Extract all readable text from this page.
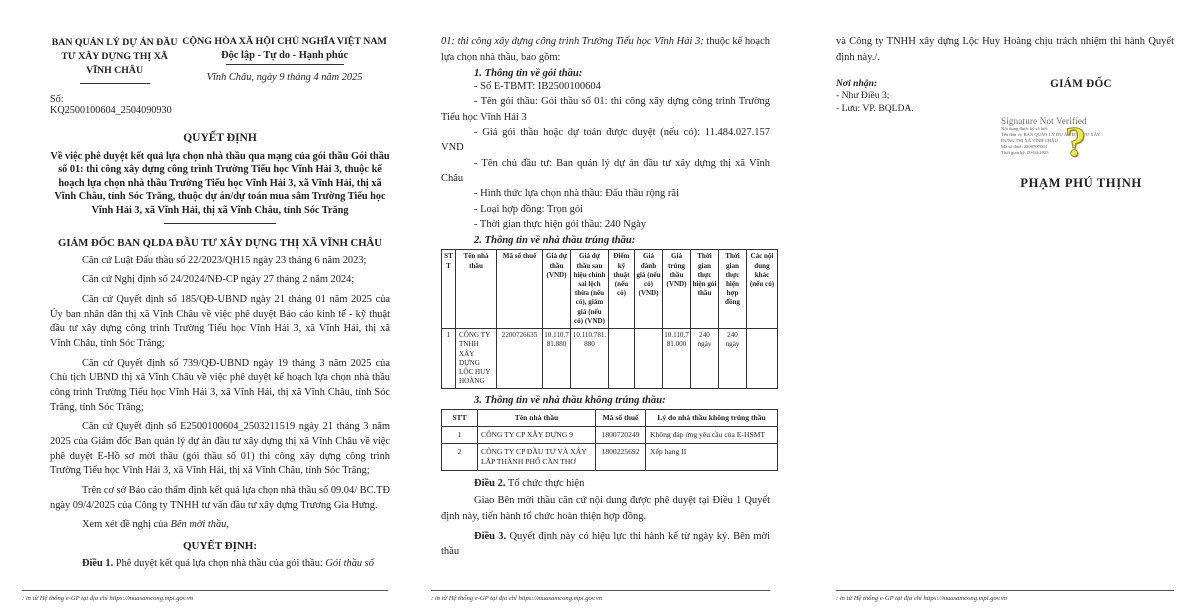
BAN QUẢN LÝ DỰ ÁN ĐẦU TƯ XÂY DỰNG THỊ XÃ VĨNH CHÂU
Số: KQ2500100604_2504090930
CỘNG HÒA XÃ HỘI CHỦ NGHĨA VIỆT NAM
Độc lập - Tự do - Hạnh phúc
Vĩnh Châu, ngày 9 tháng 4 năm 2025
QUYẾT ĐỊNH
Về việc phê duyệt kết quả lựa chọn nhà thầu qua mạng của gói thầu Gói thầu số 01: thi công xây dựng công trình Trường Tiểu học Vĩnh Hải 3, thuộc kế hoạch lựa chọn nhà thầu Trường Tiểu học Vĩnh Hải 3, xã Vĩnh Hải, thị xã Vĩnh Châu, tỉnh Sóc Trăng, thuộc dự án/dự toán mua sắm Trường Tiểu học Vĩnh Hải 3, xã Vĩnh Hải, thị xã Vĩnh Châu, tỉnh Sóc Trăng
GIÁM ĐỐC BAN QLDA ĐẦU TƯ XÂY DỰNG THỊ XÃ VĨNH CHÂU

Căn cứ Luật Đấu thầu số 22/2023/QH15 ngày 23 tháng 6 năm 2023;

Căn cứ Nghị định số 24/2024/NĐ-CP ngày 27 tháng 2 năm 2024;

Căn cứ Quyết định số 185/QĐ-UBND ngày 21 tháng 01 năm 2025 của Ủy ban nhân dân thị xã Vĩnh Châu về việc phê duyệt Báo cáo kinh tế - kỹ thuật đầu tư xây dựng công trình Trường Tiểu học Vĩnh Hải 3, xã Vĩnh Hải, thị xã Vĩnh Châu, tỉnh Sóc Trăng;

Căn cứ Quyết định số 739/QĐ-UBND ngày 19 tháng 3 năm 2025 của Chủ tịch UBND thị xã Vĩnh Châu về việc phê duyệt kế hoạch lựa chọn nhà thầu công trình Trường Tiểu học Vĩnh Hải 3, xã Vĩnh Hải, thị xã Vĩnh Châu, tỉnh Sóc Trăng, tỉnh Sóc Trăng;

Căn cứ Quyết định số E2500100604_2503211519 ngày 21 tháng 3 năm 2025 của Giám đốc Ban quản lý dự án đầu tư xây dựng thị xã Vĩnh Châu về việc phê duyệt E-Hồ sơ mời thầu (gói thầu số 01) thi công xây dựng công trình Trường Tiểu học Vĩnh Hải 3, xã Vĩnh Hải, thị xã Vĩnh Châu, tỉnh Sóc Trăng;

Trên cơ sở Báo cáo thẩm định kết quả lựa chọn nhà thầu số 09.04/ BC.TĐ ngày 09/4/2025 của Công ty TNHH tư vấn đầu tư xây dựng Trương Gia Hưng.

Xem xét đề nghị của Bên mời thầu,

QUYẾT ĐỊNH:

Điều 1. Phê duyệt kết quả lựa chọn nhà thầu của gói thầu: Gói thầu số

: in từ Hệ thống e-GP tại địa chỉ https://muasamcong.mpi.gov.vn

01: thi công xây dựng công trình Trường Tiểu học Vĩnh Hải 3; thuộc kế hoạch lựa chọn nhà thầu, bao gồm:

1. Thông tin về gói thầu:
- Số E-TBMT: IB2500100604
- Tên gói thầu: Gói thầu số 01: thi công xây dựng công trình Trường Tiểu học Vĩnh Hải 3
- Giá gói thầu hoặc dự toán được duyệt (nếu có): 11.484.027.157 VND
- Tên chủ đầu tư: Ban quản lý dự án đầu tư xây dựng thị xã Vĩnh Châu
- Hình thức lựa chọn nhà thầu: Đấu thầu rộng rãi
- Loại hợp đồng: Trọn gói
- Thời gian thực hiện gói thầu: 240 Ngày
2. Thông tin về nhà thầu trúng thầu:
STT	Tên nhà thầu	Mã số thuế	Giá dự thầu (VND)	Giá dự thầu sau hiệu chỉnh sai lệch thừa (nếu có), giảm giá (nếu có) (VND)	Điểm kỹ thuật (nếu có)	Giá đánh giá (nếu có) (VND)	Giá trúng thầu (VND)	Thời gian thực hiện gói thầu	Thời gian thực hiện hợp đồng	Các nội dung khác (nếu có)
1	CÔNG TY TNHH XÂY DỰNG LỘC HUY HOÀNG	2200726635	10.110.781.880	10.110.781.880			10.110.781.000	240 ngày	240 ngày	
3. Thông tin về nhà thầu không trúng thầu:
STT	Tên nhà thầu	Mã số thuế	Lý do nhà thầu không trúng thầu
1	CÔNG TY CP XÂY DỰNG 9	1800720249	Không đáp ứng yêu cầu của E-HSMT
2	CÔNG TY CP ĐẦU TƯ VÀ XÂY LẮP THÀNH PHỐ CẦN THƠ	1800225692	Xếp hạng II

Điều 2. Tổ chức thực hiện

Giao Bên mời thầu căn cứ nội dung được phê duyệt tại Điều 1 Quyết định này, tiến hành tổ chức hoàn thiện hợp đồng.

Điều 3. Quyết định này có hiệu lực thi hành kể từ ngày ký. Bên mời thầu

: in từ Hệ thống e-GP tại địa chỉ https://muasamcong.mpi.gov.vn

và Công ty TNHH xây dựng Lộc Huy Hoàng chịu trách nhiệm thi hành Quyết định này./.

Nơi nhận:
- Như Điều 3;
- Lưu: VP. BQLDA.
GIÁM ĐỐC
Signature Not Verified
Nội dung được ký số bởi:
Tên đơn vị: BAN QUẢN LÝ DỰ ÁN ĐẦU TƯ XÂY
DỰNG THỊ XÃ VĨNH CHÂU
Mã số thuế: 2200707063
Thời gian ký: 09-04-2025 ?
PHẠM PHÚ THỊNH
: in từ Hệ thống e-GP tại địa chỉ https://muasamcong.mpi.gov.vn
